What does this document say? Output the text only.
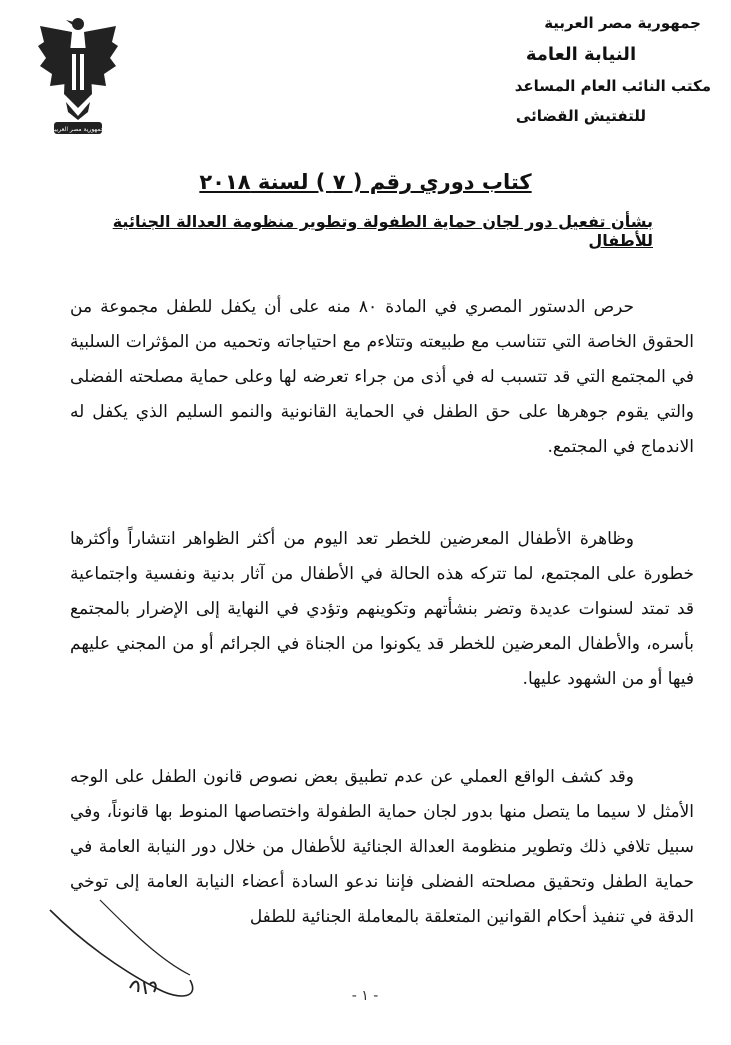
جمهورية مصر العربية
جمهورية مصر العربية
النيابة العامة
مكتب النائب العام المساعد
للتفتيش القضائى
كتاب دوري رقم ( ٧ ) لسنة ٢٠١٨
بشأن تفعيل دور لجان حماية الطفولة وتطوير منظومة العدالة الجنائية للأطفال
حرص الدستور المصري في المادة ٨٠ منه على أن يكفل للطفل مجموعة من الحقوق الخاصة التي تتناسب مع طبيعته وتتلاءم مع احتياجاته وتحميه من المؤثرات السلبية في المجتمع التي قد تتسبب له في أذى من جراء تعرضه لها وعلى حماية مصلحته الفضلى والتي يقوم جوهرها على حق الطفل في الحماية القانونية والنمو السليم الذي يكفل له الاندماج في المجتمع.
وظاهرة الأطفال المعرضين للخطر تعد اليوم من أكثر الظواهر انتشاراً وأكثرها خطورة على المجتمع، لما تتركه هذه الحالة في الأطفال من آثار بدنية ونفسية واجتماعية قد تمتد لسنوات عديدة وتضر بنشأتهم وتكوينهم وتؤدي في النهاية إلى الإضرار بالمجتمع بأسره، والأطفال المعرضين للخطر قد يكونوا من الجناة في الجرائم أو من المجني عليهم فيها أو من الشهود عليها.
وقد كشف الواقع العملي عن عدم تطبيق بعض نصوص قانون الطفل على الوجه الأمثل لا سيما ما يتصل منها بدور لجان حماية الطفولة واختصاصها المنوط بها قانوناً، وفي سبيل تلافي ذلك وتطوير منظومة العدالة الجنائية للأطفال من خلال دور النيابة العامة في حماية الطفل وتحقيق مصلحته الفضلى فإننا ندعو السادة أعضاء النيابة العامة إلى توخي الدقة في تنفيذ أحكام القوانين المتعلقة بالمعاملة الجنائية للطفل
- ١ -
